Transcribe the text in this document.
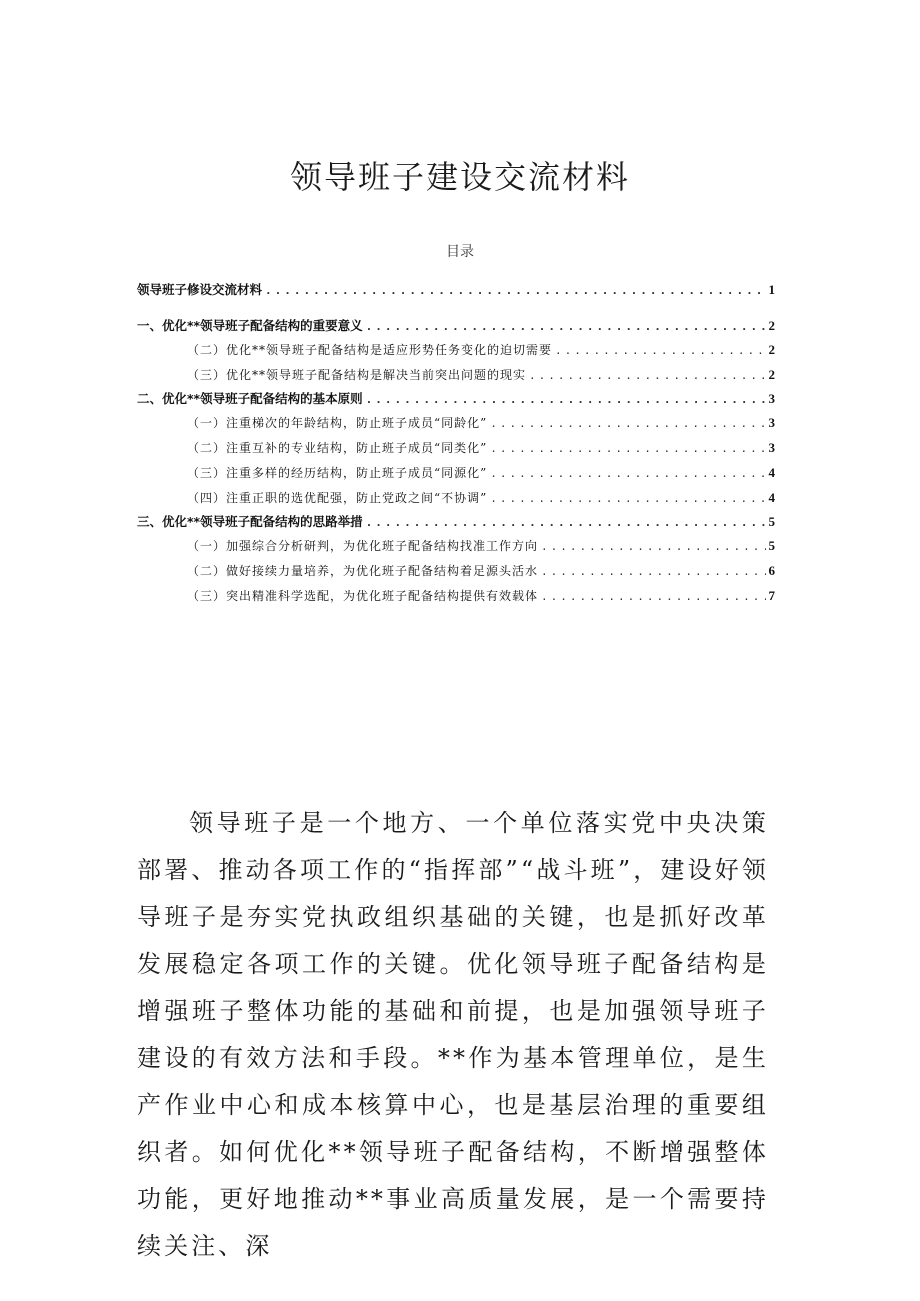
领导班子建设交流材料
目录
领导班子修设交流材料 .....	1
一、优化**领导班子配备结构的重要意义 .....	2
（二）优化**领导班子配备结构是适应形势任务变化的迫切需要 .....	2
（三）优化**领导班子配备结构是解决当前突出问题的现实 .....	2
二、优化**领导班子配备结构的基本原则 .....	3
（一）注重梯次的年龄结构，防止班子成员“同龄化” .....	3
（二）注重互补的专业结构，防止班子成员“同类化” .....	3
（三）注重多样的经历结构，防止班子成员“同源化” .....	4
（四）注重正职的选优配强，防止党政之间“不协调” .....	4
三、优化**领导班子配备结构的思路举措 .....	5
（一）加强综合分析研判，为优化班子配备结构找准工作方向 .....	5
（二）做好接续力量培养，为优化班子配备结构着足源头活水 .....	6
（三）突出精准科学选配，为优化班子配备结构提供有效载体 .....	7
领导班子是一个地方、一个单位落实党中央决策部署、推动各项工作的“指挥部”“战斗班”，建设好领导班子是夯实党执政组织基础的关键，也是抓好改革发展稳定各项工作的关键。优化领导班子配备结构是增强班子整体功能的基础和前提，也是加强领导班子建设的有效方法和手段。**作为基本管理单位，是生产作业中心和成本核算中心，也是基层治理的重要组织者。如何优化**领导班子配备结构，不断增强整体功能，更好地推动**事业高质量发展，是一个需要持续关注、深
